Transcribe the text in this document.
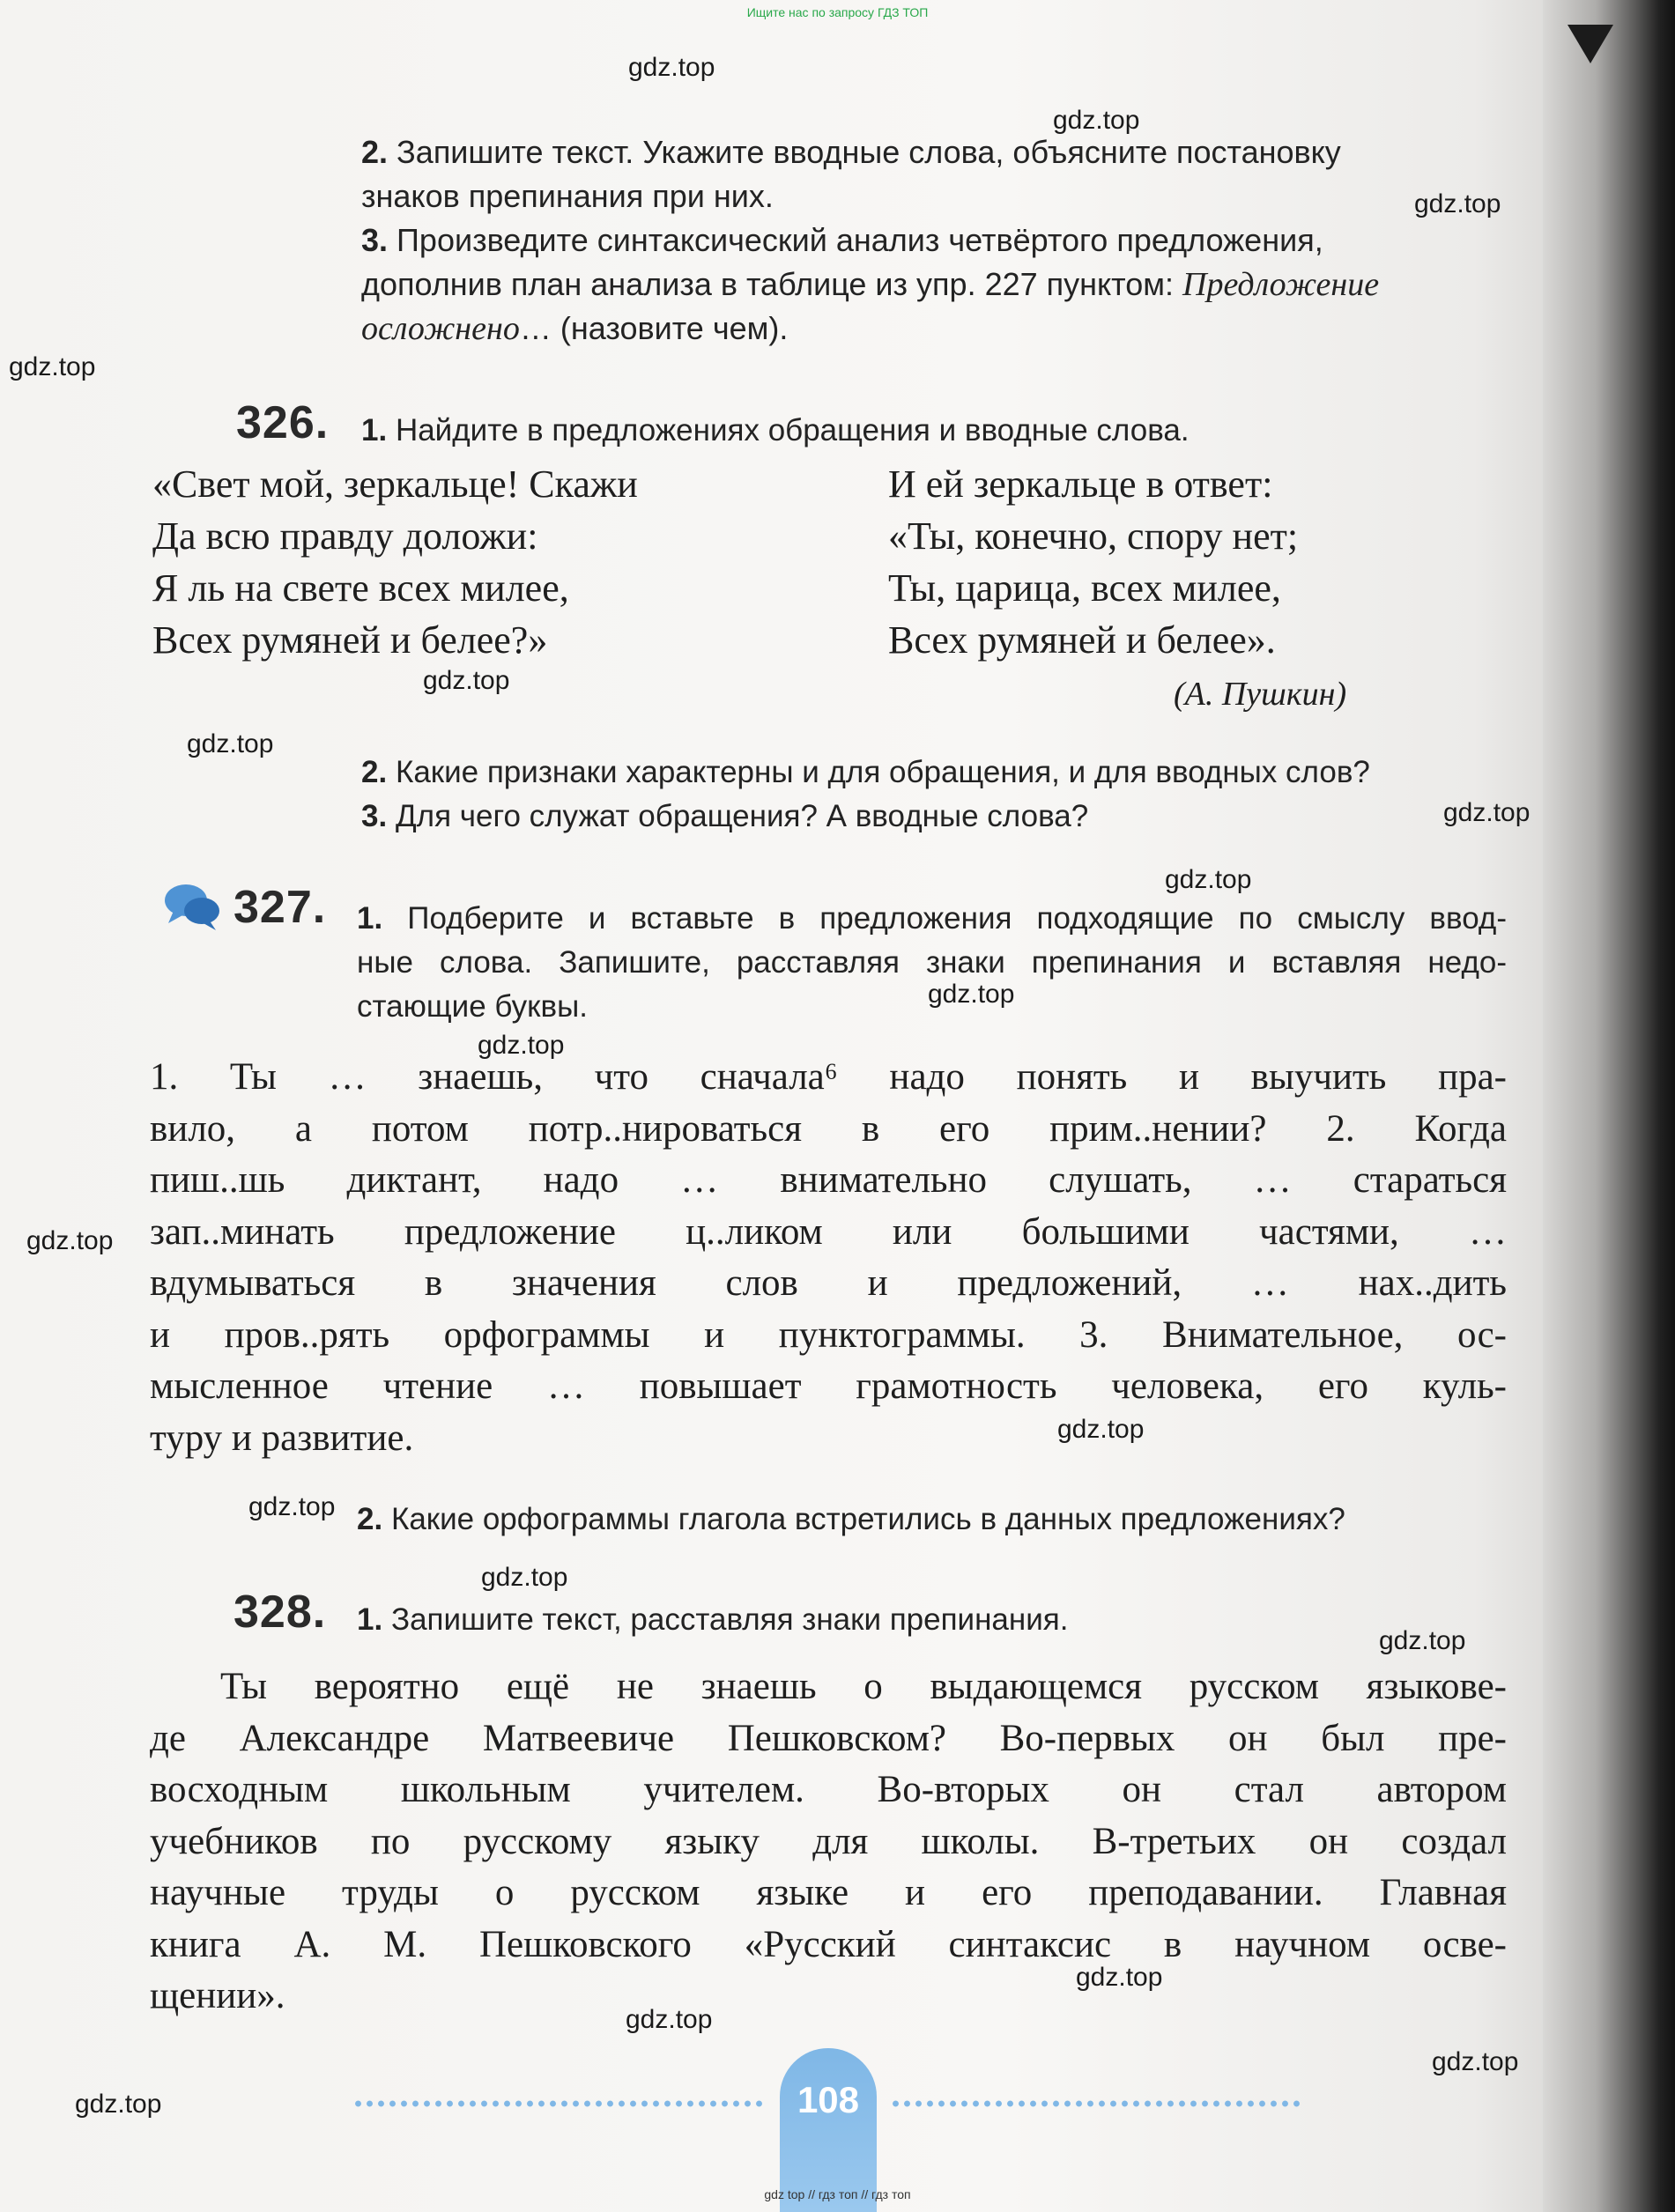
Ищите нас по запросу ГДЗ ТОП
gdz.top
gdz.top
gdz.top
gdz.top
gdz.top
gdz.top
gdz.top
gdz.top
gdz.top
gdz.top
gdz.top
gdz.top
gdz.top
gdz.top
gdz.top
gdz.top
gdz.top
gdz.top
gdz.top
2. Запишите текст. Укажите вводные слова, объясните постановку
знаков препинания при них.
3. Произведите синтаксический анализ четвёртого предложения,
дополнив план анализа в таблице из упр. 227 пунктом: Предложение
осложнено… (назовите чем).
326. 1. Найдите в предложениях обращения и вводные слова.
«Свет мой, зеркальце! Скажи
Да всю правду доложи:
Я ль на свете всех милее,
Всех румяней и белее?»
И ей зеркальце в ответ:
«Ты, конечно, спору нет;
Ты, царица, всех милее,
Всех румяней и белее».
(А. Пушкин)
2. Какие признаки характерны и для обращения, и для вводных слов?
3. Для чего служат обращения? А вводные слова?
327. 1. Подберите и вставьте в предложения подходящие по смыслу ввод-
ные слова. Запишите, расставляя знаки препинания и вставляя недо-
стающие буквы.
1. Ты … знаешь, что сначала⁶ надо понять и выучить пра-
вило, а потом потр..нироваться в его прим..нении? 2. Когда
пиш..шь диктант, надо … внимательно слушать, … стараться
зап..минать предложение ц..ликом или большими частями, …
вдумываться в значения слов и предложений, … нах..дить
и пров..рять орфограммы и пунктограммы. 3. Внимательное, ос-
мысленное чтение … повышает грамотность человека, его куль-
туру и развитие.
2. Какие орфограммы глагола встретились в данных предложениях?
328. 1. Запишите текст, расставляя знаки препинания.
Ты вероятно ещё не знаешь о выдающемся русском языкове-
де Александре Матвеевиче Пешковском? Во-первых он был пре-
восходным школьным учителем. Во-вторых он стал автором
учебников по русскому языку для школы. В-третьих он создал
научные труды о русском языке и его преподавании. Главная
книга А. М. Пешковского «Русский синтаксис в научном осве-
щении».
108
gdz top // гдз топ // гдз топ
